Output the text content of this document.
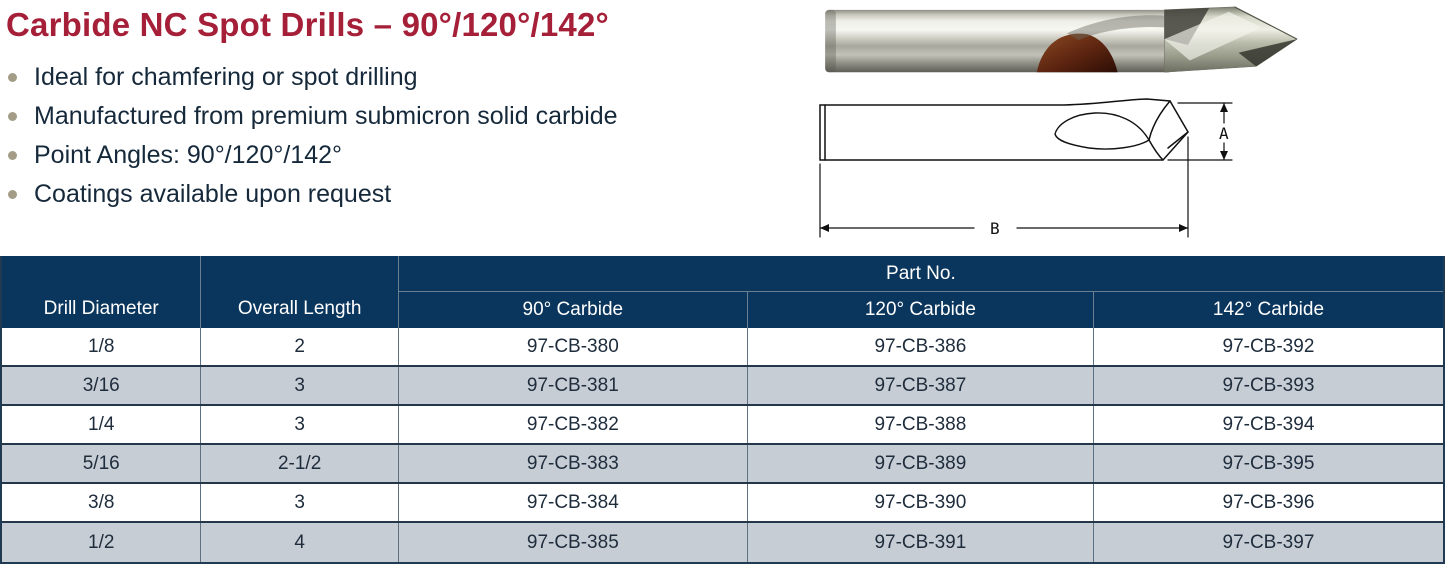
Carbide NC Spot Drills – 90°/120°/142°
Ideal for chamfering or spot drilling
Manufactured from premium submicron solid carbide
Point Angles: 90°/120°/142°
Coatings available upon request
A
B
Drill Diameter	Overall Length
Part No.
90° Carbide	120° Carbide	142° Carbide
1/8	2	97-CB-380	97-CB-386	97-CB-392
3/16	3	97-CB-381	97-CB-387	97-CB-393
1/4	3	97-CB-382	97-CB-388	97-CB-394
5/16	2-1/2	97-CB-383	97-CB-389	97-CB-395
3/8	3	97-CB-384	97-CB-390	97-CB-396
1/2	4	97-CB-385	97-CB-391	97-CB-397
